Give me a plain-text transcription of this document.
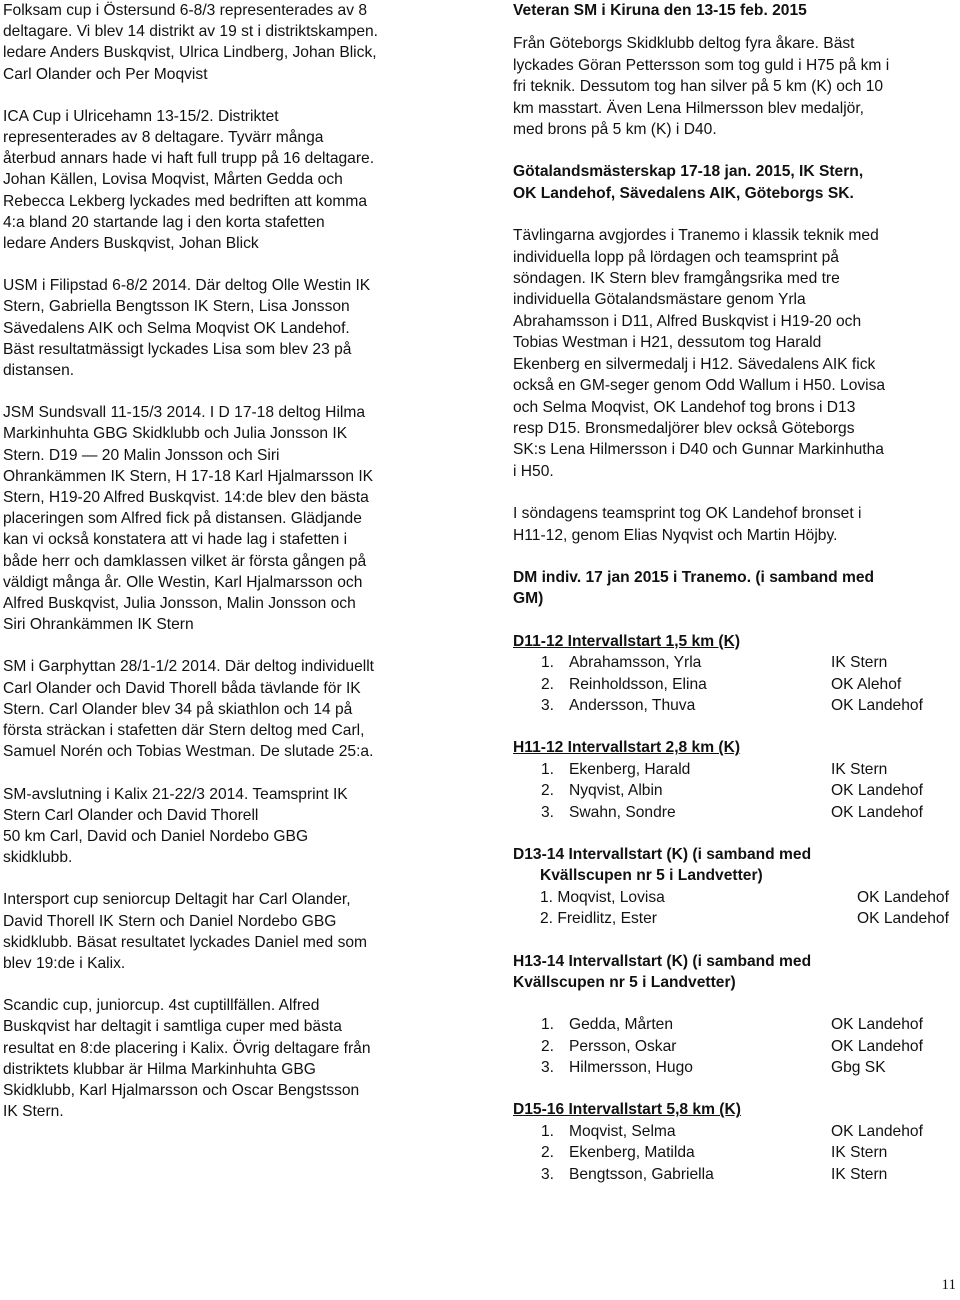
Folksam cup i Östersund 6-8/3 representerades av 8
deltagare. Vi blev 14 distrikt av 19 st i distriktskampen.
ledare Anders Buskqvist, Ulrica Lindberg, Johan Blick,
Carl Olander och Per Moqvist
ICA Cup i Ulricehamn 13-15/2. Distriktet
representerades av 8 deltagare. Tyvärr många
återbud annars hade vi haft full trupp på 16 deltagare.
Johan Källen, Lovisa Moqvist, Mårten Gedda och
Rebecca Lekberg lyckades med bedriften att komma
4:a bland 20 startande lag i den korta stafetten
ledare Anders Buskqvist, Johan Blick
USM i Filipstad 6-8/2 2014. Där deltog Olle Westin IK
Stern, Gabriella Bengtsson IK Stern, Lisa Jonsson
Sävedalens AIK och Selma Moqvist OK Landehof.
Bäst resultatmässigt lyckades Lisa som blev 23 på
distansen.
JSM Sundsvall 11-15/3 2014. I D 17-18 deltog Hilma
Markinhuhta GBG Skidklubb och Julia Jonsson IK
Stern. D19 — 20 Malin Jonsson och Siri
Ohrankämmen IK Stern, H 17-18 Karl Hjalmarsson IK
Stern, H19-20 Alfred Buskqvist. 14:de blev den bästa
placeringen som Alfred fick på distansen. Glädjande
kan vi också konstatera att vi hade lag i stafetten i
både herr och damklassen vilket är första gången på
väldigt många år. Olle Westin, Karl Hjalmarsson och
Alfred Buskqvist, Julia Jonsson, Malin Jonsson och
Siri Ohrankämmen IK Stern
SM i Garphyttan 28/1-1/2 2014. Där deltog individuellt
Carl Olander och David Thorell båda tävlande för IK
Stern. Carl Olander blev 34 på skiathlon och 14 på
första sträckan i stafetten där Stern deltog med Carl,
Samuel Norén och Tobias Westman. De slutade 25:a.
SM-avslutning i Kalix 21-22/3 2014. Teamsprint IK
Stern Carl Olander och David Thorell
50 km Carl, David och Daniel Nordebo GBG
skidklubb.
Intersport cup seniorcup Deltagit har Carl Olander,
David Thorell IK Stern och Daniel Nordebo GBG
skidklubb. Bäsat resultatet lyckades Daniel med som
blev 19:de i Kalix.
Scandic cup, juniorcup. 4st cuptillfällen. Alfred
Buskqvist har deltagit i samtliga cuper med bästa
resultat en 8:de placering i Kalix. Övrig deltagare från
distriktets klubbar är Hilma Markinhuhta GBG
Skidklubb, Karl Hjalmarsson och Oscar Bengstsson
IK Stern.
Veteran SM i Kiruna den 13-15 feb. 2015
Från Göteborgs Skidklubb deltog fyra åkare. Bäst
lyckades Göran Pettersson som tog guld i H75 på km i
fri teknik. Dessutom tog han silver på 5 km (K) och 10
km masstart. Även Lena Hilmersson blev medaljör,
med brons på 5 km (K) i D40.
Götalandsmästerskap 17-18 jan. 2015, IK Stern,
OK Landehof, Sävedalens AIK, Göteborgs SK.
Tävlingarna avgjordes i Tranemo i klassik teknik med
individuella lopp på lördagen och teamsprint på
söndagen. IK Stern blev framgångsrika med tre
individuella Götalandsmästare genom Yrla
Abrahamsson i D11, Alfred Buskqvist i H19-20 och
Tobias Westman i H21, dessutom tog Harald
Ekenberg en silvermedalj i H12. Sävedalens AIK fick
också en GM-seger genom Odd Wallum i H50. Lovisa
och Selma Moqvist, OK Landehof tog brons i D13
resp D15. Bronsmedaljörer blev också Göteborgs
SK:s Lena Hilmersson i D40 och Gunnar Markinhutha
i H50.
I söndagens teamsprint tog OK Landehof bronset i
H11-12, genom Elias Nyqvist och Martin Höjby.
DM indiv. 17 jan 2015 i Tranemo. (i samband med
GM)
D11-12 Intervallstart 1,5 km (K)
1. Abrahamsson, Yrla	IK Stern
2. Reinholdsson, Elina	OK Alehof
3. Andersson, Thuva	OK Landehof
H11-12 Intervallstart 2,8 km (K)
1. Ekenberg, Harald	IK Stern
2. Nyqvist, Albin	OK Landehof
3. Swahn, Sondre	OK Landehof
D13-14 Intervallstart (K) (i samband med
Kvällscupen nr 5 i Landvetter)
1. Moqvist, Lovisa	OK Landehof
2. Freidlitz, Ester	OK Landehof
H13-14 Intervallstart (K) (i samband med
Kvällscupen nr 5 i Landvetter)
1. Gedda, Mårten	OK Landehof
2. Persson, Oskar	OK Landehof
3. Hilmersson, Hugo	Gbg SK
D15-16 Intervallstart 5,8 km (K)
1. Moqvist, Selma	OK Landehof
2. Ekenberg, Matilda	IK Stern
3. Bengtsson, Gabriella	IK Stern
11
